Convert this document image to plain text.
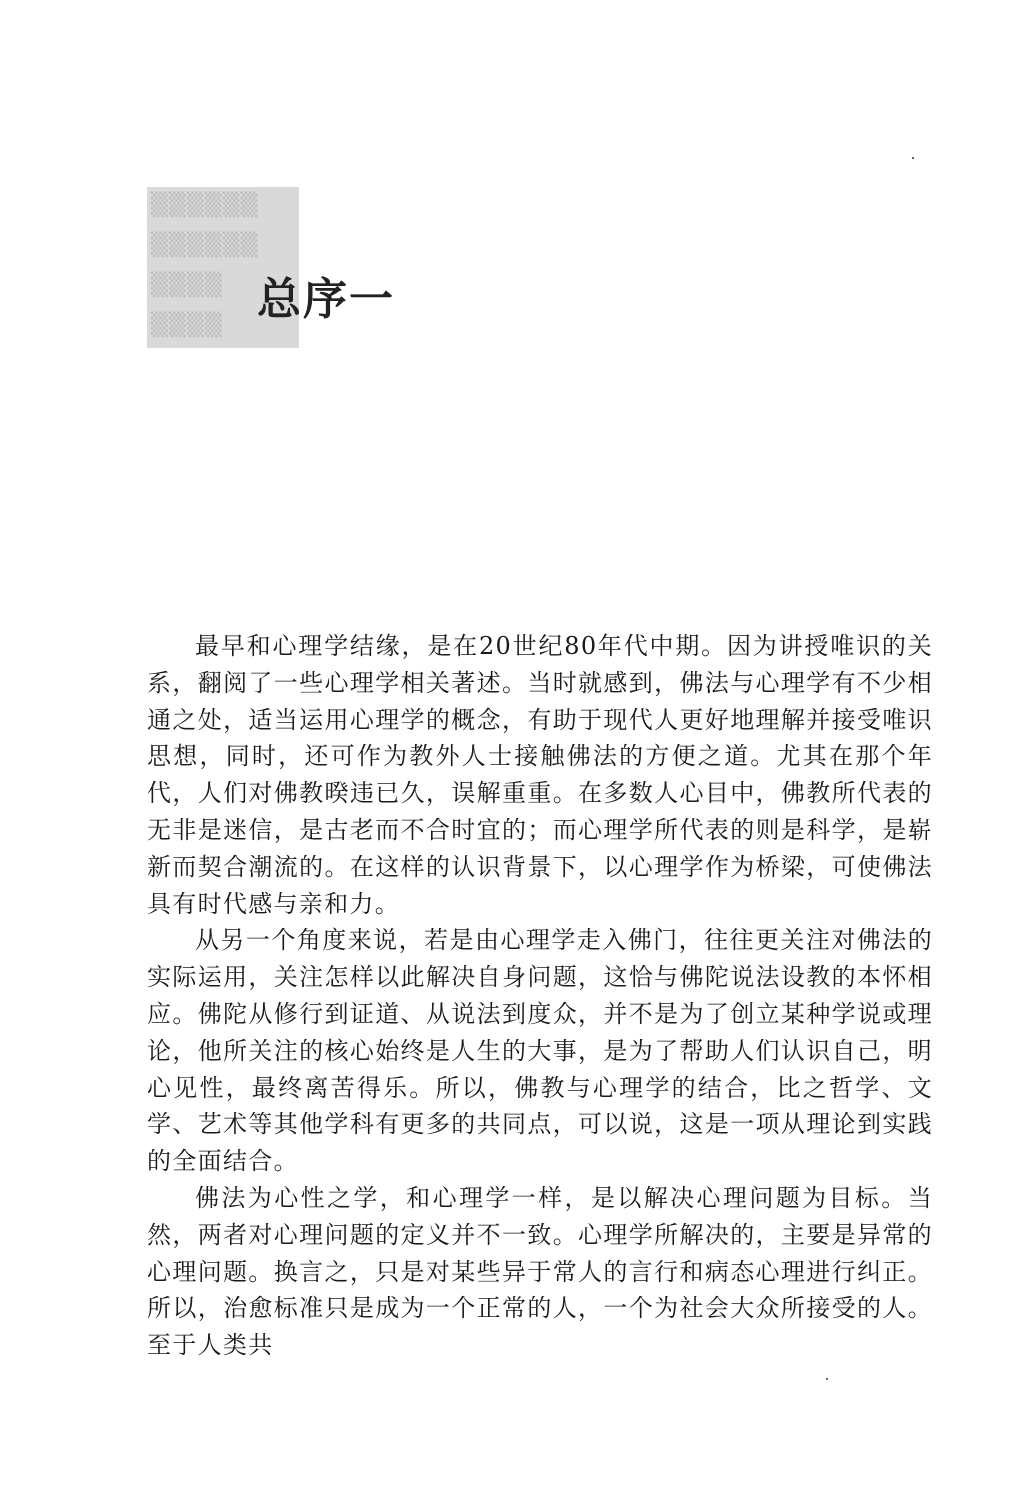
▒▒▒▒▒▒
▒▒▒▒▒▒
▒▒▒▒
▒▒▒▒
总序一

最早和心理学结缘，是在20世纪80年代中期。因为讲授唯识的关系，翻阅了一些心理学相关著述。当时就感到，佛法与心理学有不少相通之处，适当运用心理学的概念，有助于现代人更好地理解并接受唯识思想，同时，还可作为教外人士接触佛法的方便之道。尤其在那个年代，人们对佛教暌违已久，误解重重。在多数人心目中，佛教所代表的无非是迷信，是古老而不合时宜的；而心理学所代表的则是科学，是崭新而契合潮流的。在这样的认识背景下，以心理学作为桥梁，可使佛法具有时代感与亲和力。

从另一个角度来说，若是由心理学走入佛门，往往更关注对佛法的实际运用，关注怎样以此解决自身问题，这恰与佛陀说法设教的本怀相应。佛陀从修行到证道、从说法到度众，并不是为了创立某种学说或理论，他所关注的核心始终是人生的大事，是为了帮助人们认识自己，明心见性，最终离苦得乐。所以，佛教与心理学的结合，比之哲学、文学、艺术等其他学科有更多的共同点，可以说，这是一项从理论到实践的全面结合。

佛法为心性之学，和心理学一样，是以解决心理问题为目标。当然，两者对心理问题的定义并不一致。心理学所解决的，主要是异常的心理问题。换言之，只是对某些异于常人的言行和病态心理进行纠正。所以，治愈标准只是成为一个正常的人，一个为社会大众所接受的人。至于人类共
